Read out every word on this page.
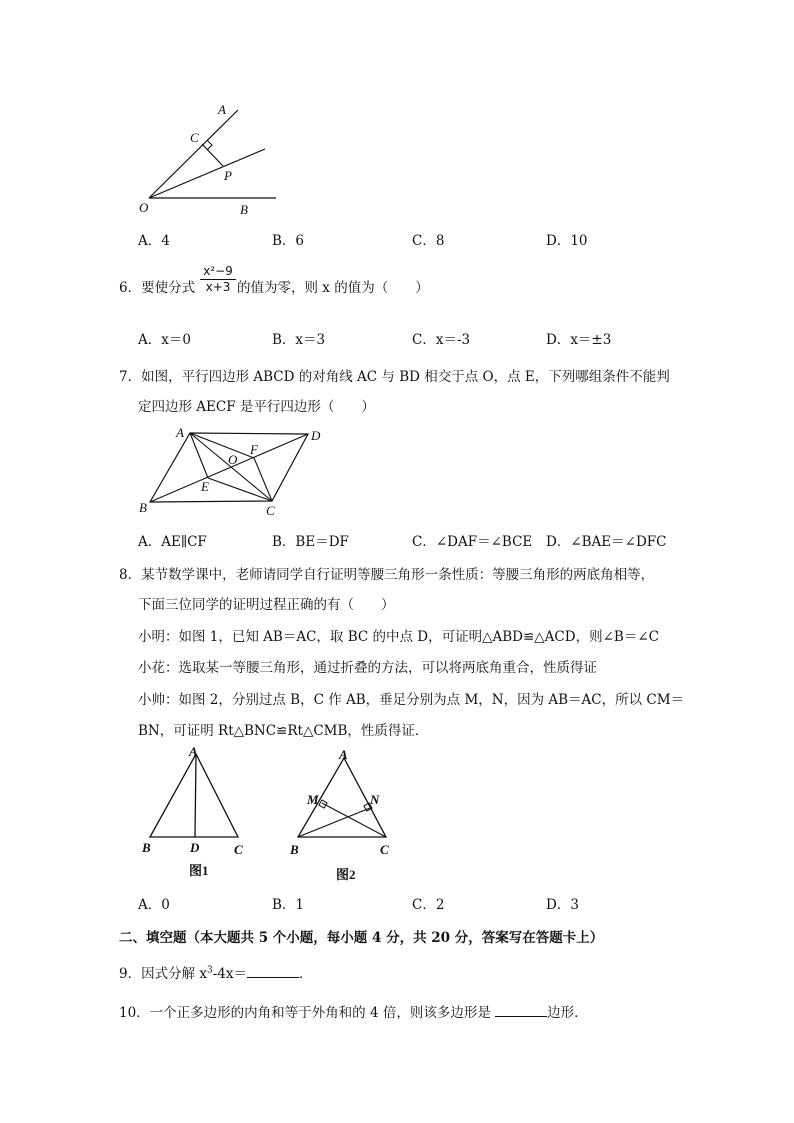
A
C
P
O	B
A．4	B．6	C．8	D．10
6．要使分式
x²−9
x+3 的值为零，则 x 的值为（　　）
A．x＝0	B．x＝3	C．x＝-3	D．x＝±3
7．如图，平行四边形 ABCD 的对角线 AC 与 BD 相交于点 O，点 E，下列哪组条件不能判
定四边形 AECF 是平行四边形（　　）
A	D
F
O
E
B	C
A．AE∥CF	B．BE＝DF	C．∠DAF＝∠BCE D．∠BAE＝∠DFC
8．某节数学课中，老师请同学自行证明等腰三角形一条性质：等腰三角形的两底角相等，
下面三位同学的证明过程正确的有（　　）
小明：如图 1，已知 AB＝AC，取 BC 的中点 D，可证明△ABD≌△ACD，则∠B＝∠C
小花：选取某一等腰三角形，通过折叠的方法，可以将两底角重合，性质得证
小帅：如图 2，分别过点 B，C 作 AB，垂足分别为点 M，N，因为 AB＝AC，所以 CM＝
BN，可证明 Rt△BNC≌Rt△CMB，性质得证．
A
B	D	C
图1
A
M	N
B	C
图2
A．0	B．1	C．2	D．3
二、填空题（本大题共 5 个小题，每小题 4 分，共 20 分，答案写在答题卡上）
9．因式分解 $x^3-4x=$	．
10．一个正多边形的内角和等于外角和的 4 倍，则该多边形是	边形．
